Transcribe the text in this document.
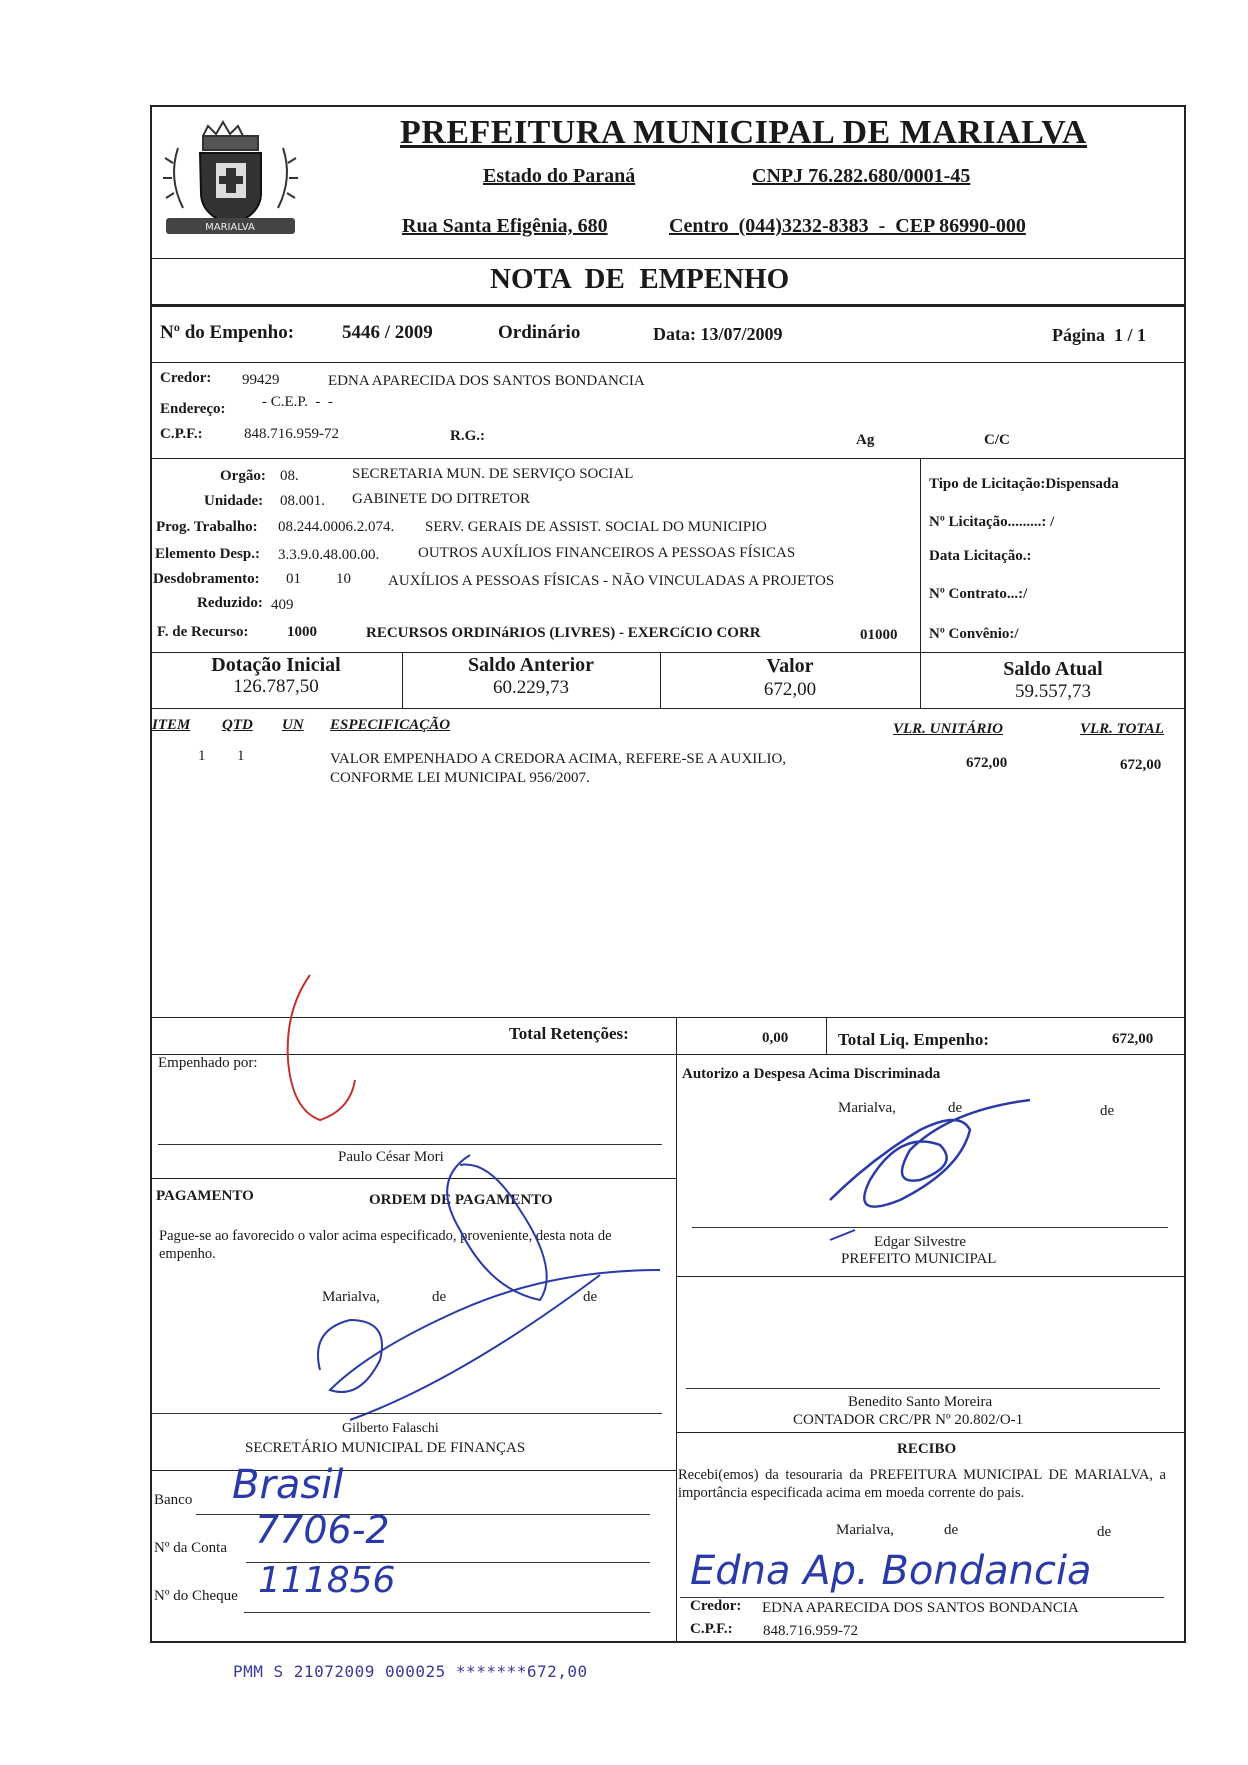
MARIALVA
PREFEITURA MUNICIPAL DE MARIALVA
Estado do Paraná	CNPJ 76.282.680/0001-45
Rua Santa Efigênia, 680	Centro  (044)3232-8383  -  CEP 86990-000
NOTA  DE  EMPENHO
Nº do Empenho:	5446 / 2009	Ordinário	Data: 13/07/2009	Página  1 / 1
Credor: 99429	EDNA APARECIDA DOS SANTOS BONDANCIA
Endereço: - C.E.P.  -  -
C.P.F.:	848.716.959-72	R.G.:	Ag	C/C
Orgão: 08.	SECRETARIA MUN. DE SERVIÇO SOCIAL
Unidade: 08.001. GABINETE DO DITRETOR
Prog. Trabalho: 08.244.0006.2.074. SERV. GERAIS DE ASSIST. SOCIAL DO MUNICIPIO
Elemento Desp.: 3.3.9.0.48.00.00.	OUTROS AUXÍLIOS FINANCEIROS A PESSOAS FÍSICAS
Desdobramento: 01 10 AUXÍLIOS A PESSOAS FÍSICAS - NÃO VINCULADAS A PROJETOS
Reduzido: 409
F. de Recurso:	1000	RECURSOS ORDINáRIOS (LIVRES) - EXERCíCIO CORR	01000
Tipo de Licitação:Dispensada
Nº Licitação.........: /
Data Licitação.:
Nº Contrato...:/
Nº Convênio:/
Dotação Inicial
126.787,50
Saldo Anterior
60.229,73
Valor
672,00
Saldo Atual
59.557,73
ITEM QTD UN ESPECIFICAÇÃO	VLR. UNITÁRIO	VLR. TOTAL
1 1	VALOR EMPENHADO A CREDORA ACIMA, REFERE-SE A AUXILIO,
CONFORME LEI MUNICIPAL 956/2007.
672,00	672,00
Total Retenções:	0,00	Total Liq. Empenho:	672,00
Empenhado por:
Paulo César Mori
Autorizo a Despesa Acima Discriminada
Marialva,	de	de
Edgar Silvestre
PREFEITO MUNICIPAL
PAGAMENTO	ORDEM DE PAGAMENTO
Pague-se ao favorecido o valor acima especificado, proveniente, desta nota de empenho.
Marialva,	de	de
Gilberto Falaschi
SECRETÁRIO MUNICIPAL DE FINANÇAS
Banco Brasil
Nº da Conta 7706-2
Nº do Cheque 111856
Benedito Santo Moreira
CONTADOR CRC/PR Nº 20.802/O-1
RECIBO
Recebi(emos) da tesouraria da PREFEITURA MUNICIPAL DE MARIALVA, a importância especificada acima em moeda corrente do pais.
Marialva,	de	de
Edna Ap. Bondancia
Credor: EDNA APARECIDA DOS SANTOS BONDANCIA
C.P.F.: 848.716.959-72
PMM S 21072009 000025 *******672,00
